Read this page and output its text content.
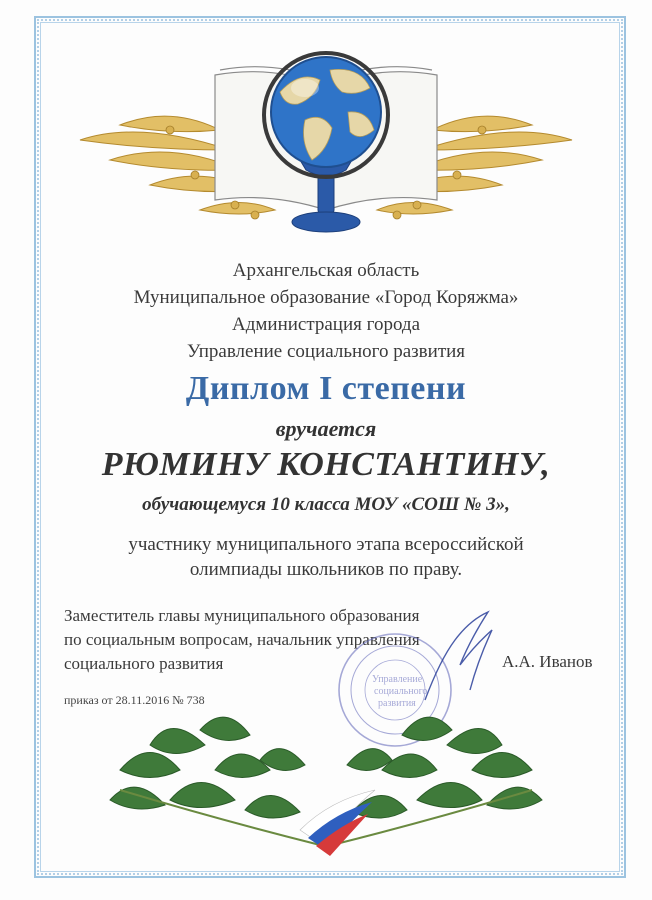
Архангельская область
Муниципальное образование «Город Коряжма»
Администрация города
Управление социального развития
Диплом I степени
вручается
РЮМИНУ КОНСТАНТИНУ,
обучающемуся 10 класса МОУ «СОШ № 3»,
участнику муниципального этапа всероссийской
олимпиады школьников по праву.
Заместитель главы муниципального образования
по социальным вопросам, начальник управления
социального развития	А.А. Иванов
Управление
социального
развития
приказ от 28.11.2016 № 738
